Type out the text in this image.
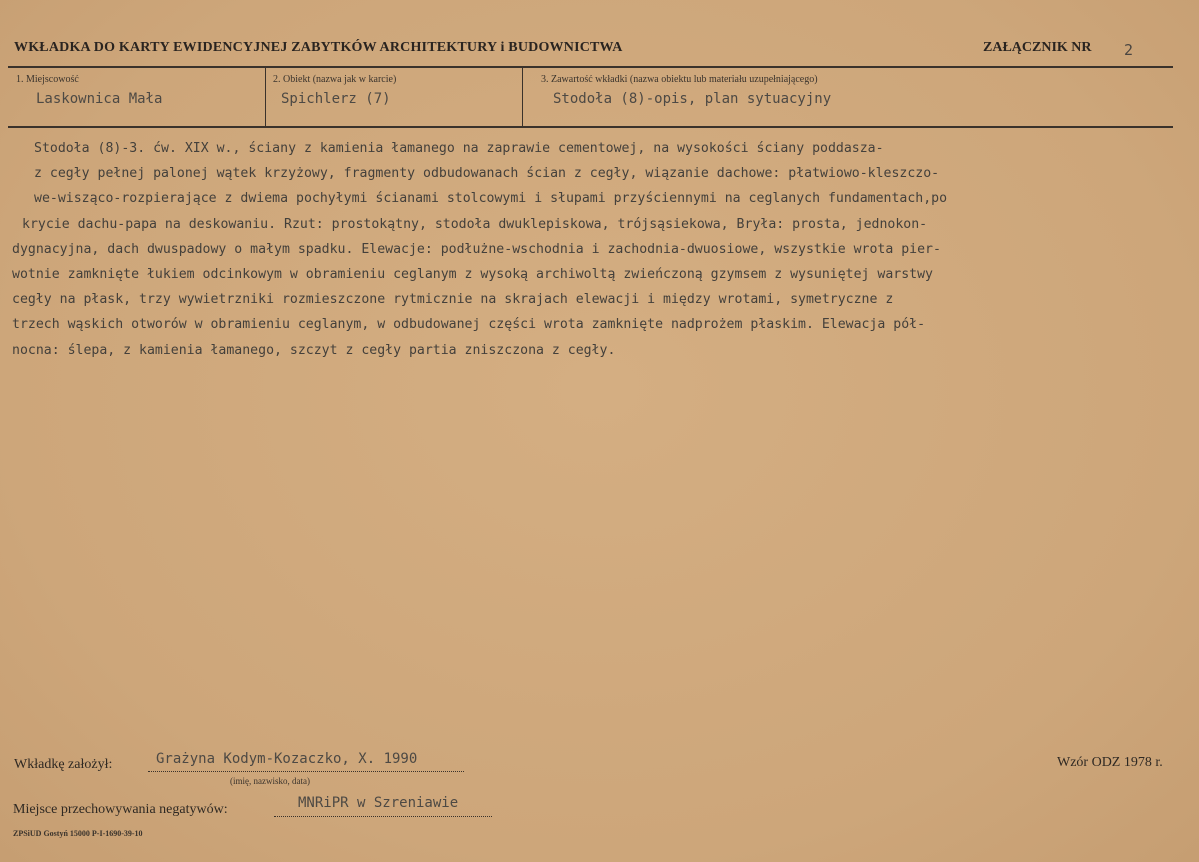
WKŁADKA DO KARTY EWIDENCYJNEJ ZABYTKÓW ARCHITEKTURY i BUDOWNICTWA	ZAŁĄCZNIK NR 2
1. Miejscowość
Laskownica Mała
2. Obiekt (nazwa jak w karcie)
Spichlerz (7)
3. Zawartość wkładki (nazwa obiektu lub materiału uzupełniającego)
Stodoła (8)-opis, plan sytuacyjny
Stodoła (8)-3. ćw. XIX w., ściany z kamienia łamanego na zaprawie cementowej, na wysokości ściany poddasza-
z cegły pełnej palonej wątek krzyżowy, fragmenty odbudowanach ścian z cegły, wiązanie dachowe: płatwiowo-kleszczo-
we-wisząco-rozpierające z dwiema pochyłymi ścianami stolcowymi i słupami przyściennymi na ceglanych fundamentach,po
krycie dachu-papa na deskowaniu. Rzut: prostokątny, stodoła dwuklepiskowa, trójsąsiekowa, Bryła: prosta, jednokon-
dygnacyjna, dach dwuspadowy o małym spadku. Elewacje: podłużne-wschodnia i zachodnia-dwuosiowe, wszystkie wrota pier-
wotnie zamknięte łukiem odcinkowym w obramieniu ceglanym z wysoką archiwoltą zwieńczoną gzymsem z wysuniętej warstwy
cegły na płask, trzy wywietrzniki rozmieszczone rytmicznie na skrajach elewacji i między wrotami, symetryczne z
trzech wąskich otworów w obramieniu ceglanym, w odbudowanej części wrota zamknięte nadprożem płaskim. Elewacja pół-
nocna: ślepa, z kamienia łamanego, szczyt z cegły partia zniszczona z cegły.
Wkładkę założył:	Grażyna Kodym-Kozaczko, X. 1990
(imię, nazwisko, data)
Wzór ODZ 1978 r.
Miejsce przechowywania negatywów:	MNRiPR w Szreniawie
ZPSiUD Gostyń 15000 P-I-1690-39-10
